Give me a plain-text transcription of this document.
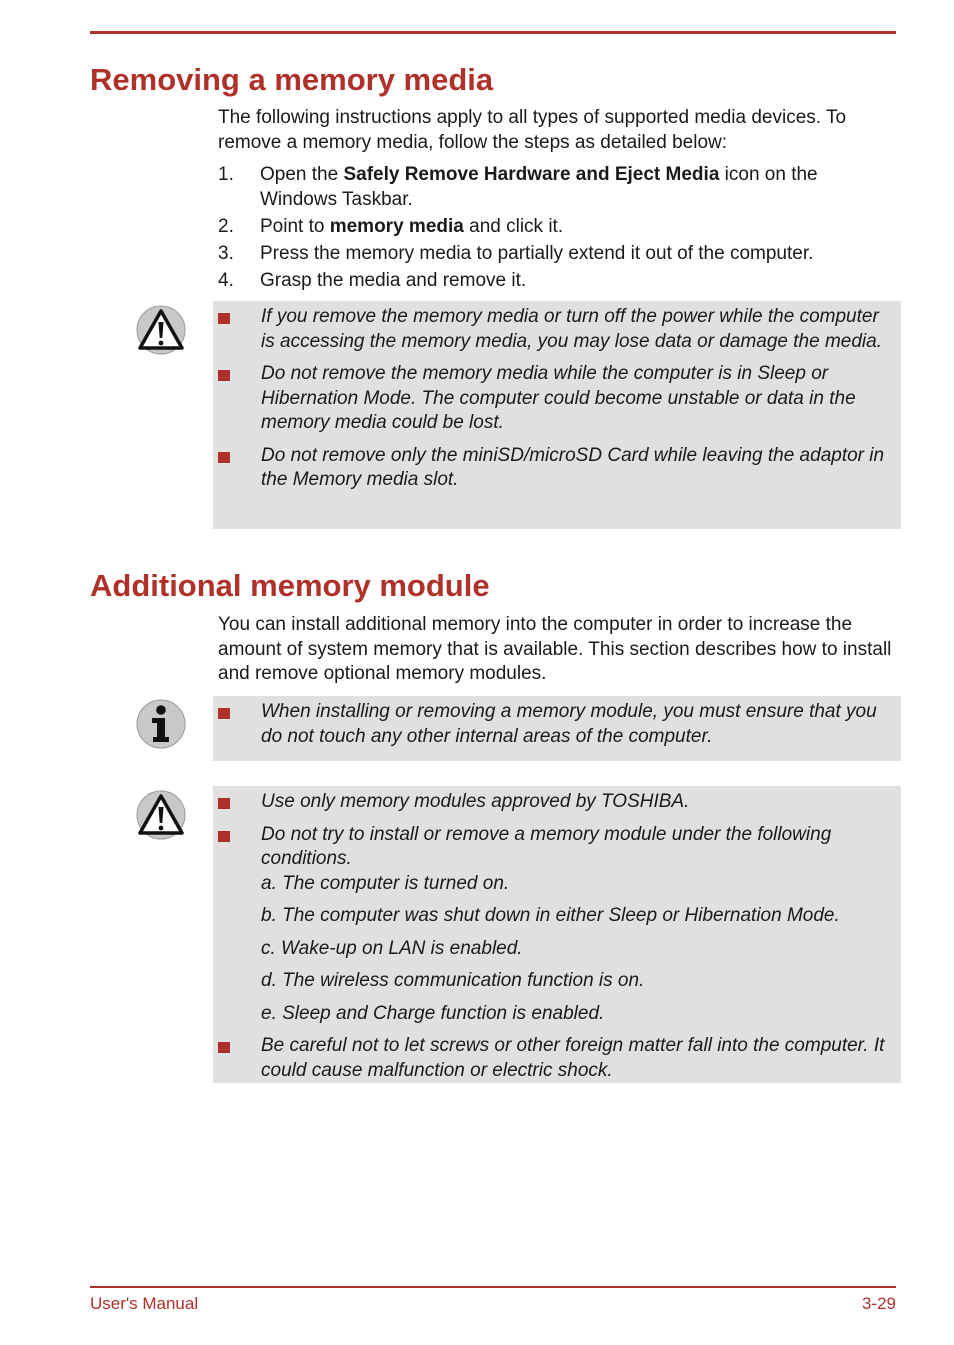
Removing a memory media

The following instructions apply to all types of supported media devices. To remove a memory media, follow the steps as detailed below:

1. Open the Safely Remove Hardware and Eject Media icon on the Windows Taskbar.
2. Point to memory media and click it.
3. Press the memory media to partially extend it out of the computer.
4. Grasp the media and remove it.
If you remove the memory media or turn off the power while the computer is accessing the memory media, you may lose data or damage the media.
Do not remove the memory media while the computer is in Sleep or Hibernation Mode. The computer could become unstable or data in the memory media could be lost.
Do not remove only the miniSD/microSD Card while leaving the adaptor in the Memory media slot.
Additional memory module

You can install additional memory into the computer in order to increase the amount of system memory that is available. This section describes how to install and remove optional memory modules.

When installing or removing a memory module, you must ensure that you do not touch any other internal areas of the computer.
Use only memory modules approved by TOSHIBA.
Do not try to install or remove a memory module under the following conditions.
a. The computer is turned on.
b. The computer was shut down in either Sleep or Hibernation Mode.
c. Wake-up on LAN is enabled.
d. The wireless communication function is on.
e. Sleep and Charge function is enabled.
Be careful not to let screws or other foreign matter fall into the computer. It could cause malfunction or electric shock.
User's Manual	3-29
